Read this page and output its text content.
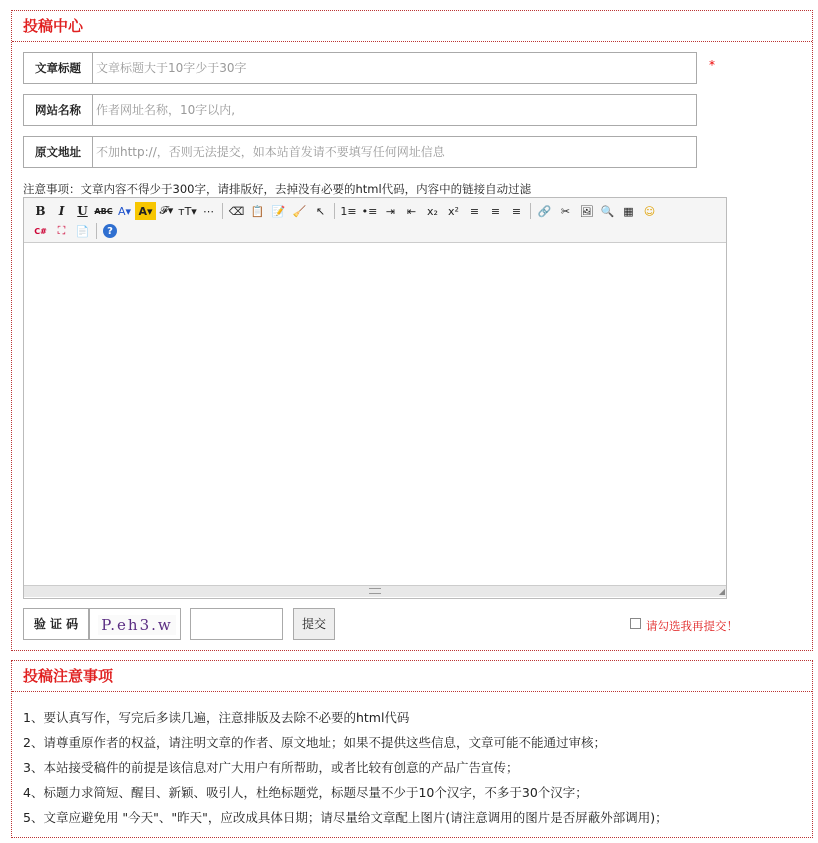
投稿中心
文章标题	文章标题大于10字少于30字	*
网站名称	作者网址名称，10字以内,
原文地址	不加http://，否则无法提交，如本站首发请不要填写任何网址信息
注意事项：文章内容不得少于300字，请排版好，去掉没有必要的html代码，内容中的链接自动过滤
B	I	U ABC A▾ A▾ 𝓕▾ тT▾ ⋯	⌫ 📋 📝 🧹 ↖	1≡ •≡ ⇥	⇤ x₂ x² ≡	≡	≡	🔗 ✂ 🖼 🔍 ▦ ☺
C# ⛶ 📄	?
◢
验 证 码	P.eh3.w	提交	请勾选我再提交！
投稿注意事项
1、要认真写作，写完后多读几遍，注意排版及去除不必要的html代码
2、请尊重原作者的权益，请注明文章的作者、原文地址；如果不提供这些信息，文章可能不能通过审核；
3、本站接受稿件的前提是该信息对广大用户有所帮助，或者比较有创意的产品广告宣传；
4、标题力求简短、醒目、新颖、吸引人，杜绝标题党，标题尽量不少于10个汉字，不多于30个汉字；
5、文章应避免用 "今天"、"昨天"，应改成具体日期；请尽量给文章配上图片(请注意调用的图片是否屏蔽外部调用)；
